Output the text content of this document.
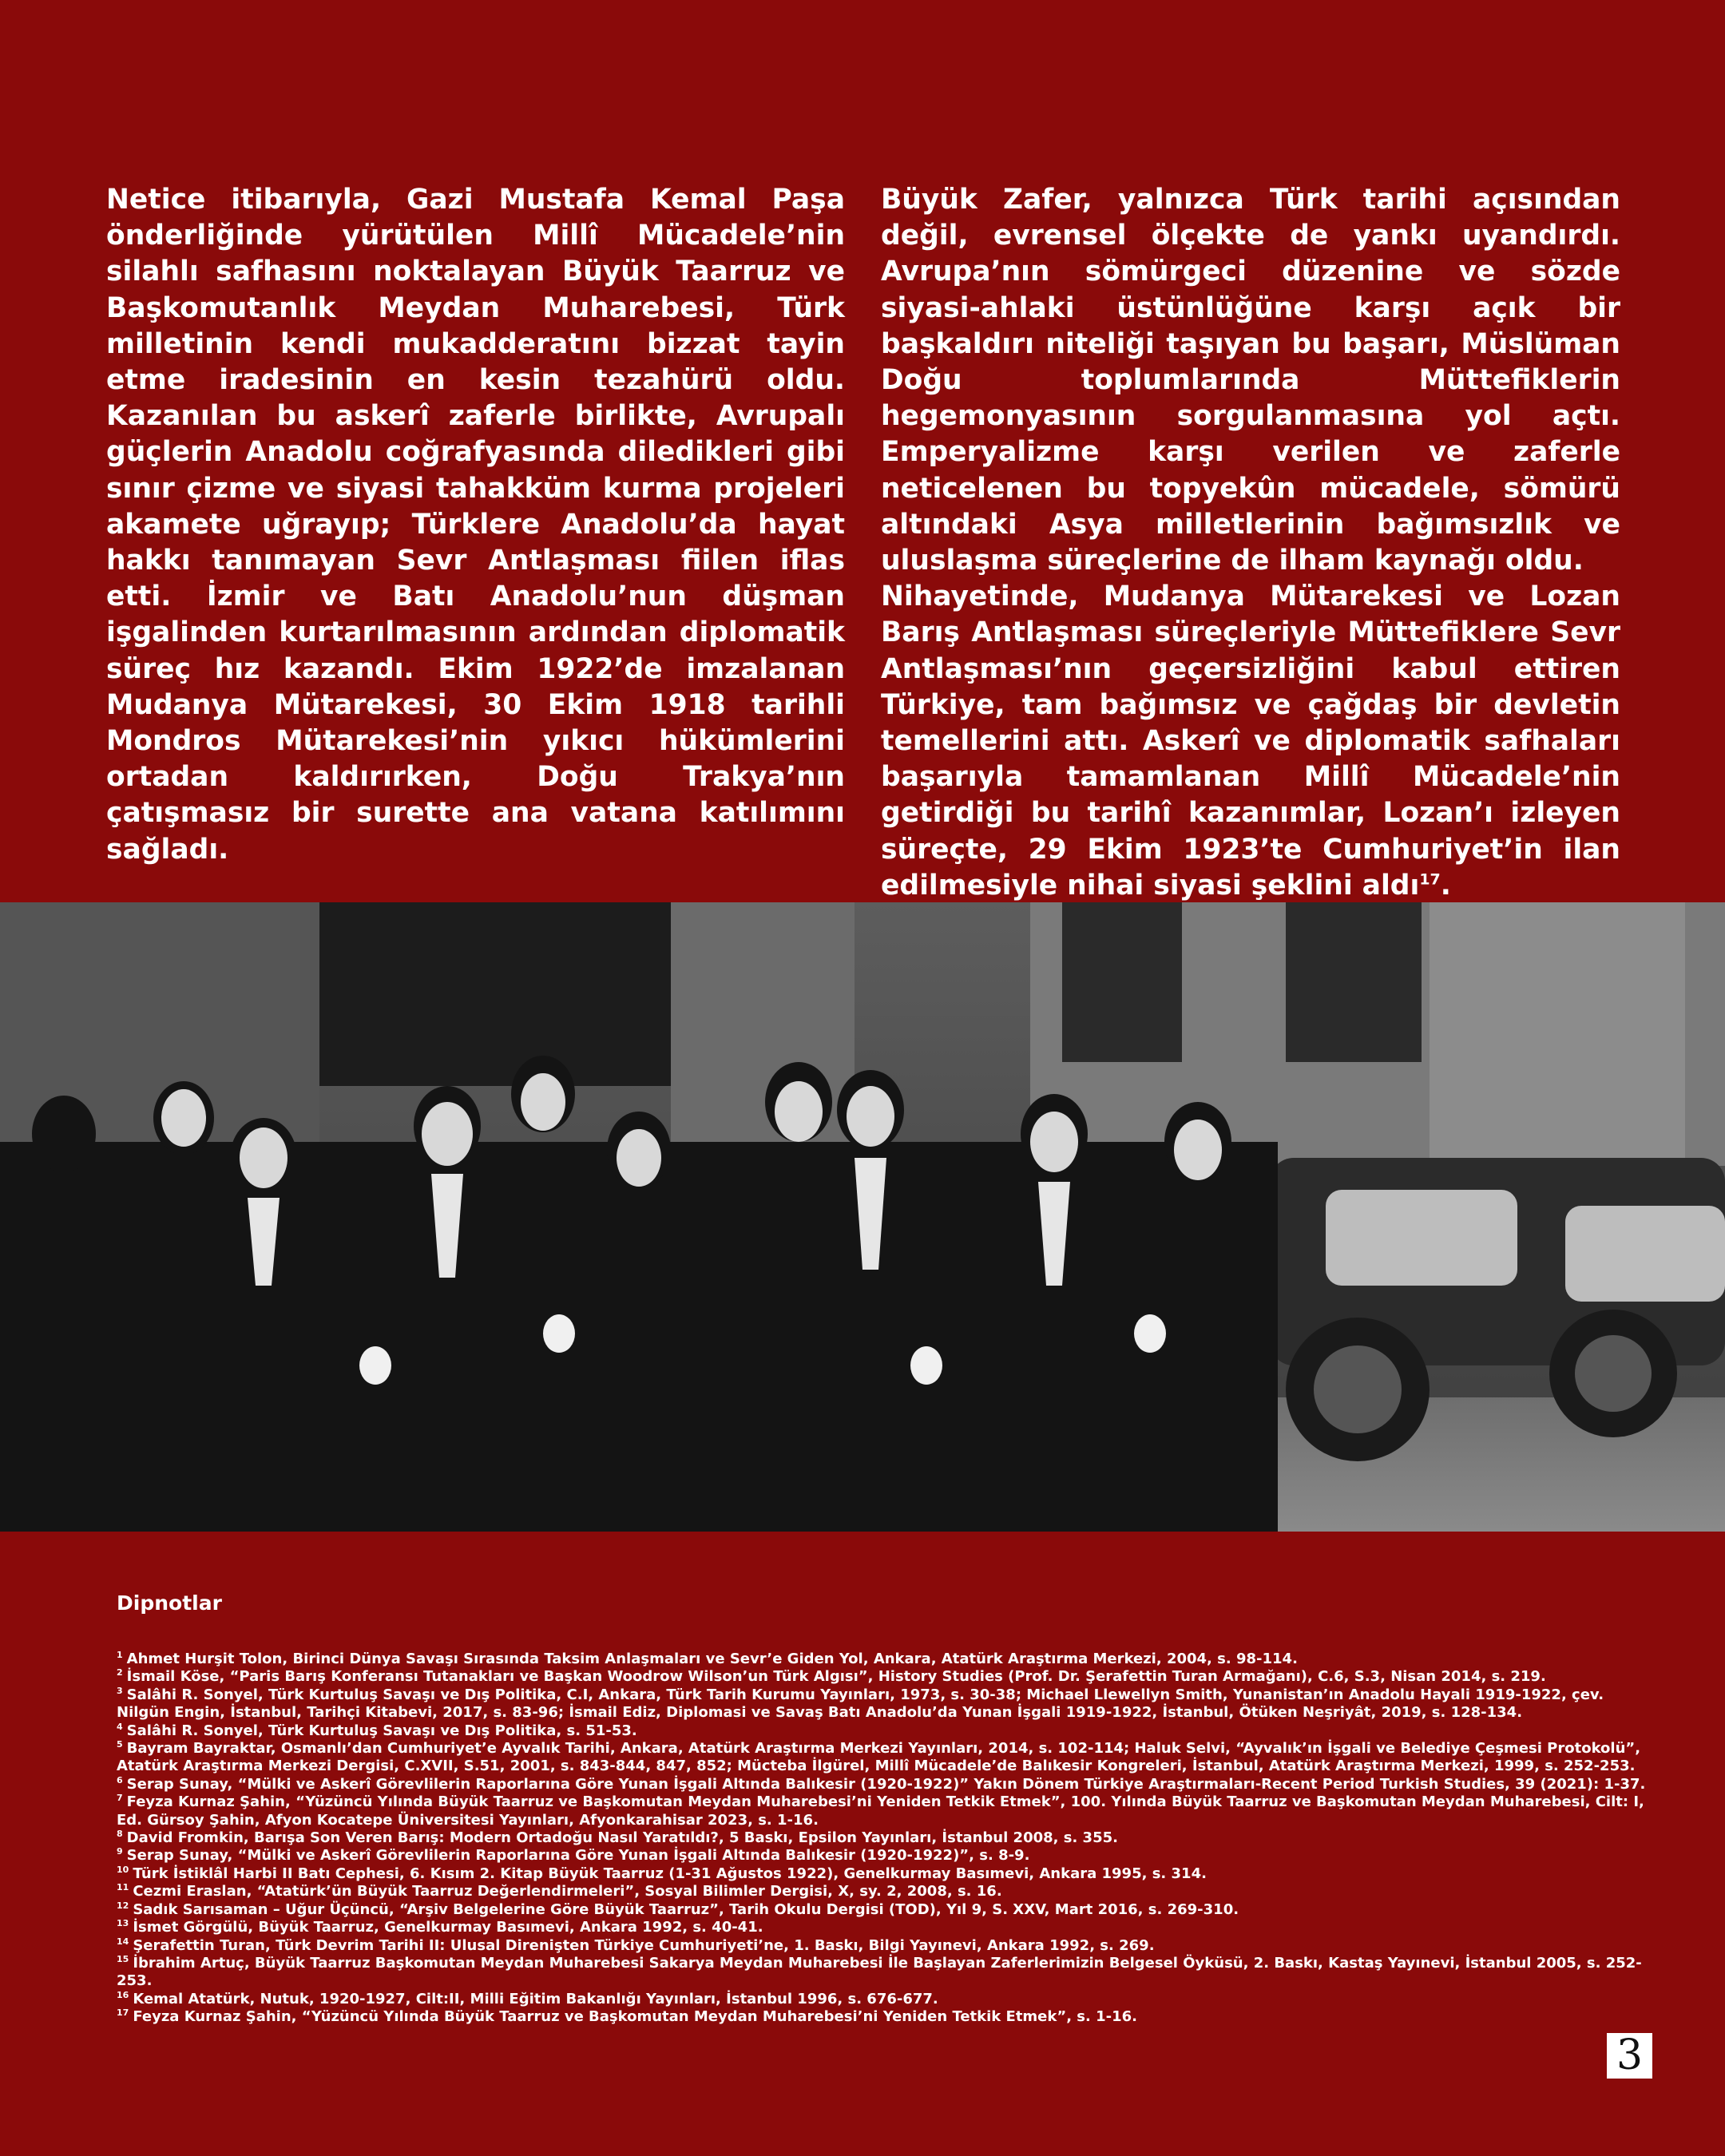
Netice itibarıyla, Gazi Mustafa Kemal Paşa önderliğinde yürütülen Millî Mücadele’nin silahlı safhasını noktalayan Büyük Taarruz ve Başkomutanlık Meydan Muharebesi, Türk milletinin kendi mukadderatını bizzat tayin etme iradesinin en kesin tezahürü oldu. Kazanılan bu askerî zaferle birlikte, Avrupalı güçlerin Anadolu coğrafyasında diledikleri gibi sınır çizme ve siyasi tahakküm kurma projeleri akamete uğrayıp; Türklere Anadolu’da hayat hakkı tanımayan Sevr Antlaşması fiilen iflas etti. İzmir ve Batı Anadolu’nun düşman işgalinden kurtarılmasının ardından diplomatik süreç hız kazandı. Ekim 1922’de imzalanan Mudanya Mütarekesi, 30 Ekim 1918 tarihli Mondros Mütarekesi’nin yıkıcı hükümlerini ortadan kaldırırken, Doğu Trakya’nın çatışmasız bir surette ana vatana katılımını sağladı.

Büyük Zafer, yalnızca Türk tarihi açısından değil, evrensel ölçekte de yankı uyandırdı. Avrupa’nın sömürgeci düzenine ve sözde siyasi-ahlaki üstünlüğüne karşı açık bir başkaldırı niteliği taşıyan bu başarı, Müslüman Doğu toplumlarında Müttefiklerin hegemonyasının sorgulanmasına yol açtı. Emperyalizme karşı verilen ve zaferle neticelenen bu topyekûn mücadele, sömürü altındaki Asya milletlerinin bağımsızlık ve uluslaşma süreçlerine de ilham kaynağı oldu.

Nihayetinde, Mudanya Mütarekesi ve Lozan Barış Antlaşması süreçleriyle Müttefiklere Sevr Antlaşması’nın geçersizliğini kabul ettiren Türkiye, tam bağımsız ve çağdaş bir devletin temellerini attı. Askerî ve diplomatik safhaları başarıyla tamamlanan Millî Mücadele’nin getirdiği bu tarihî kazanımlar, Lozan’ı izleyen süreçte, 29 Ekim 1923’te Cumhuriyet’in ilan edilmesiyle nihai siyasi şeklini aldı$^{17}$.

Dipnotlar

$^1$ Ahmet Hurşit Tolon, Birinci Dünya Savaşı Sırasında Taksim Anlaşmaları ve Sevr’e Giden Yol, Ankara, Atatürk Araştırma Merkezi, 2004, s. 98-114.

$^2$ İsmail Köse, “Paris Barış Konferansı Tutanakları ve Başkan Woodrow Wilson’un Türk Algısı”, History Studies (Prof. Dr. Şerafettin Turan Armağanı), C.6, S.3, Nisan 2014, s. 219.

$^3$ Salâhi R. Sonyel, Türk Kurtuluş Savaşı ve Dış Politika, C.I, Ankara, Türk Tarih Kurumu Yayınları, 1973, s. 30-38; Michael Llewellyn Smith, Yunanistan’ın Anadolu Hayali 1919-1922, çev. Nilgün Engin, İstanbul, Tarihçi Kitabevi, 2017, s. 83-96; İsmail Ediz, Diplomasi ve Savaş Batı Anadolu’da Yunan İşgali 1919-1922, İstanbul, Ötüken Neşriyât, 2019, s. 128-134.

$^4$ Salâhi R. Sonyel, Türk Kurtuluş Savaşı ve Dış Politika, s. 51-53.

$^5$ Bayram Bayraktar, Osmanlı’dan Cumhuriyet’e Ayvalık Tarihi, Ankara, Atatürk Araştırma Merkezi Yayınları, 2014, s. 102-114; Haluk Selvi, “Ayvalık’ın İşgali ve Belediye Çeşmesi Protokolü”, Atatürk Araştırma Merkezi Dergisi, C.XVII, S.51, 2001, s. 843-844, 847, 852; Mücteba İlgürel, Millî Mücadele’de Balıkesir Kongreleri, İstanbul, Atatürk Araştırma Merkezi, 1999, s. 252-253.

$^6$ Serap Sunay, “Mülki ve Askerî Görevlilerin Raporlarına Göre Yunan İşgali Altında Balıkesir (1920-1922)” Yakın Dönem Türkiye Araştırmaları-Recent Period Turkish Studies, 39 (2021): 1-37.

$^7$ Feyza Kurnaz Şahin, “Yüzüncü Yılında Büyük Taarruz ve Başkomutan Meydan Muharebesi’ni Yeniden Tetkik Etmek”, 100. Yılında Büyük Taarruz ve Başkomutan Meydan Muharebesi, Cilt: I, Ed. Gürsoy Şahin, Afyon Kocatepe Üniversitesi Yayınları, Afyonkarahisar 2023, s. 1-16.

$^8$ David Fromkin, Barışa Son Veren Barış: Modern Ortadoğu Nasıl Yaratıldı?, 5 Baskı, Epsilon Yayınları, İstanbul 2008, s. 355.

$^9$ Serap Sunay, “Mülki ve Askerî Görevlilerin Raporlarına Göre Yunan İşgali Altında Balıkesir (1920-1922)”, s. 8-9.

$^{10}$ Türk İstiklâl Harbi II Batı Cephesi, 6. Kısım 2. Kitap Büyük Taarruz (1-31 Ağustos 1922), Genelkurmay Basımevi, Ankara 1995, s. 314.

$^{11}$ Cezmi Eraslan, “Atatürk’ün Büyük Taarruz Değerlendirmeleri”, Sosyal Bilimler Dergisi, X, sy. 2, 2008, s. 16.

$^{12}$ Sadık Sarısaman – Uğur Üçüncü, “Arşiv Belgelerine Göre Büyük Taarruz”, Tarih Okulu Dergisi (TOD), Yıl 9, S. XXV, Mart 2016, s. 269-310.

$^{13}$ İsmet Görgülü, Büyük Taarruz, Genelkurmay Basımevi, Ankara 1992, s. 40-41.

$^{14}$ Şerafettin Turan, Türk Devrim Tarihi II: Ulusal Direnişten Türkiye Cumhuriyeti’ne, 1. Baskı, Bilgi Yayınevi, Ankara 1992, s. 269.

$^{15}$ İbrahim Artuç, Büyük Taarruz Başkomutan Meydan Muharebesi Sakarya Meydan Muharebesi İle Başlayan Zaferlerimizin Belgesel Öyküsü, 2. Baskı, Kastaş Yayınevi, İstanbul 2005, s. 252-253.

$^{16}$ Kemal Atatürk, Nutuk, 1920-1927, Cilt:II, Milli Eğitim Bakanlığı Yayınları, İstanbul 1996, s. 676-677.

$^{17}$ Feyza Kurnaz Şahin, “Yüzüncü Yılında Büyük Taarruz ve Başkomutan Meydan Muharebesi’ni Yeniden Tetkik Etmek”, s. 1-16.

3
